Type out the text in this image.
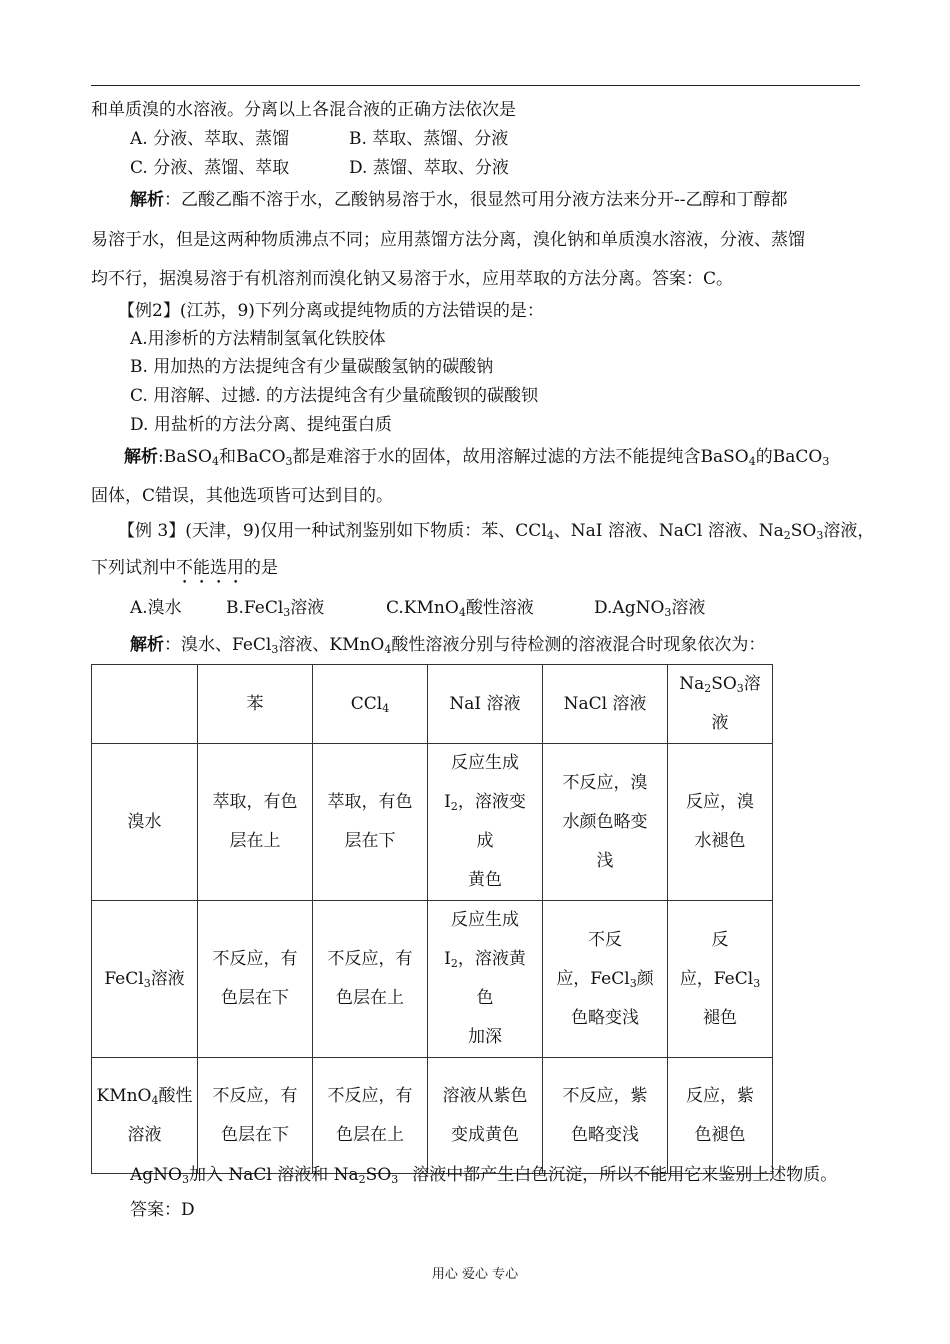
和单质溴的水溶液。分离以上各混合液的正确方法依次是
A. 分液、萃取、蒸馏	B. 萃取、蒸馏、分液
C. 分液、蒸馏、萃取	D. 蒸馏、萃取、分液
解析：乙酸乙酯不溶于水，乙酸钠易溶于水，很显然可用分液方法来分开--乙醇和丁醇都
易溶于水，但是这两种物质沸点不同；应用蒸馏方法分离，溴化钠和单质溴水溶液，分液、蒸馏
均不行，据溴易溶于有机溶剂而溴化钠又易溶于水，应用萃取的方法分离。答案：C。
【例2】(江苏，9)下列分离或提纯物质的方法错误的是：
A.用渗析的方法精制氢氧化铁胶体
B. 用加热的方法提纯含有少量碳酸氢钠的碳酸钠
C. 用溶解、过撼. 的方法提纯含有少量硫酸钡的碳酸钡
D. 用盐析的方法分离、提纯蛋白质
解析:BaSO$_4$和BaCO$_3$都是难溶于水的固体，故用溶解过滤的方法不能提纯含BaSO$_4$的BaCO$_3$
固体，C错误，其他选项皆可达到目的。
【例 3】(天津，9)仅用一种试剂鉴别如下物质：苯、CCl$_4$、NaI 溶液、NaCl 溶液、$Na_2SO_3$溶液，
下列试剂中不能选用的是
A.溴水	B.FeCl$_3$溶液	C.KMnO$_4$酸性溶液	D.AgNO$_3$溶液
解析：溴水、FeCl$_3$溶液、KMnO$_4$酸性溶液分别与待检测的溶液混合时现象依次为：
	苯	CCl$_4$	NaI 溶液	NaCl 溶液	$Na_2SO_3$溶
液
溴水	萃取，有色层在上	萃取，有色层在下	反应生成
$I_2$，溶液变
成
黄色	不反应，溴
水颜色略变
浅	反应，溴
水褪色
FeCl$_3$溶液	不反应，有色层在下	不反应，有色层在上	反应生成
$I_2$，溶液黄
色
加深	不反
应，FeCl$_3$颜
色略变浅	反
应，FeCl$_3$
褪色
KMnO$_4$酸性
溶液	不反应，有色层在下	不反应，有色层在上	溶液从紫色变成黄色	不反应，紫
色略变浅	反应，紫
色褪色
AgNO$_3$加入 NaCl 溶液和 $Na_2SO_3$ 溶液中都产生白色沉淀，所以不能用它来鉴别上述物质。
答案：D
用心 爱心 专心
